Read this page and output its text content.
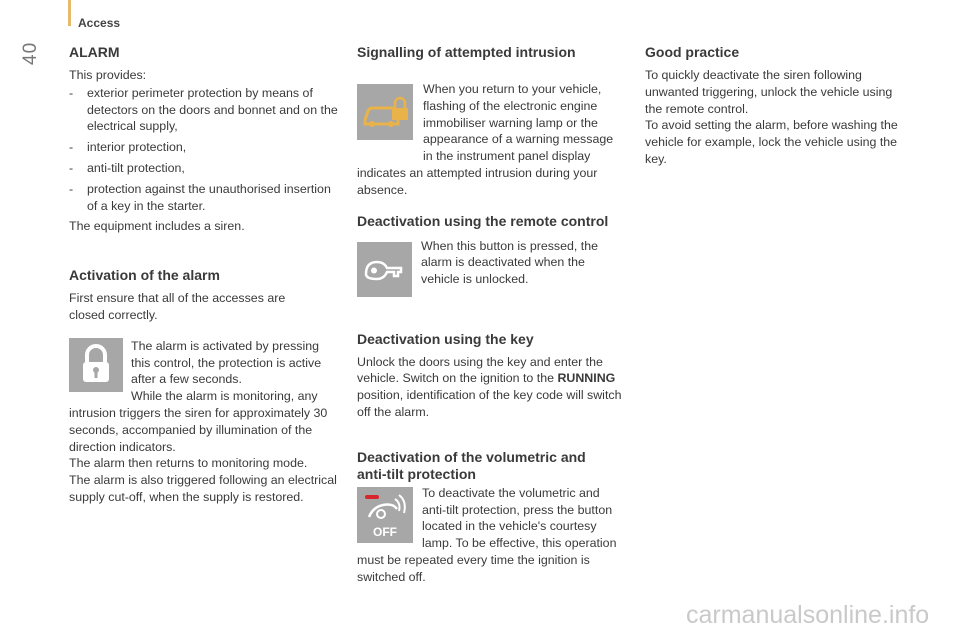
Access
40 ALARM

This provides:

- exterior perimeter protection by means of detectors on the doors and bonnet and on the electrical supply,
- interior protection,
- anti-tilt protection,
- protection against the unauthorised insertion of a key in the starter.

The equipment includes a siren.

Activation of the alarm

First ensure that all of the accesses are closed correctly.

The alarm is activated by pressing this control, the protection is active after a few seconds.

While the alarm is monitoring, any intrusion triggers the siren for approximately 30 seconds, accompanied by illumination of the direction indicators.

The alarm then returns to monitoring mode.

The alarm is also triggered following an electrical supply cut-off, when the supply is restored.

Signalling of attempted intrusion

When you return to your vehicle, flashing of the electronic engine immobiliser warning lamp or the appearance of a warning message in the instrument panel display indicates an attempted intrusion during your absence.

Deactivation using the remote control

When this button is pressed, the alarm is deactivated when the vehicle is unlocked.

Deactivation using the key

Unlock the doors using the key and enter the vehicle. Switch on the ignition to the RUNNING position, identification of the key code will switch off the alarm.

Deactivation of the volumetric and anti-tilt protection
OFF

To deactivate the volumetric and anti-tilt protection, press the button located in the vehicle's courtesy lamp. To be effective, this operation must be repeated every time the ignition is switched off.

Good practice

To quickly deactivate the siren following unwanted triggering, unlock the vehicle using the remote control.

To avoid setting the alarm, before washing the vehicle for example, lock the vehicle using the key.

carmanualsonline.info
